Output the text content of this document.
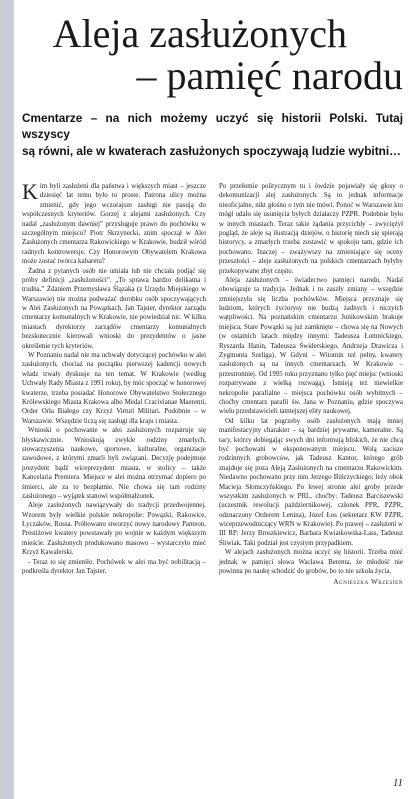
Aleja zasłużonych
– pamięć narodu
Cmentarze – na nich możemy uczyć się historii Polski. Tutaj wszyscy
są równi, ale w kwaterach zasłużonych spoczywają ludzie wybitni…

Kim byli zasłużeni dla państwa i większych miast – jeszcze dziesięć lat temu było to proste. Patrona ulicy można zmienić, gdy jego wczorajsze zasługi nie pasują do współczesnych kryteriów. Gorzej z alejami zasłużonych. Czy nadal „zasłużonym dawniej” przysługuje prawo do pochówku w szczególnym miejscu? Piotr Skrzynecki, znim spoczął w Alei Zasłużonych cmentarza Rakowickiego w Krakowie, budził wśród radnych kontrowersje. Czy Honorowym Obywatelem Krakowa może zostać twórca kabaretu?

Żadna z pytanych osób nie umiała lub nie chciała podjąć się próby definicji „zasłużoności”. „To sprawa bardzo delikatna i trudna.” Żdaniem Przemysława Ślązaka (z Urzędu Miejskiego w Warszawie) nie można podważać dorobku osób spoczywających w Alei Zasłużonych na Powązkach. Jan Tajster, dyrektor zarządu cmentarzy komunalnych w Krakowie, nie powiedział nic. W kilku miastach dyrektorzy zarządów cmentarzy komunalnych bezskutecznie kierowali wnioski do prezydentów o jasne określenie tych kryteriów.

W Poznaniu nadal nie ma uchwały dotyczącej pochówku w alei zasłużonych, chociaż na początku pierwszej kadencji nowych władz trwały dyskusje na ten temat. W Krakowie (według Uchwały Rady Miasta z 1991 roku), by móc spocząć w honorowej kwaterze, trzeba posiadać Honorowe Obywatelstwo Stołecznego Królewskiego Miasta Krakowa albo Medal Cracivianae Maerenti, Order Orła Białego czy Krzyż Virtuti Militari. Podobnie – w Warszawie. Wszędzie liczą się zasługi dla kraju i miasta.

Wnioski o pochowanie w alei zasłużonych rozpatruje się błyskawicznie. Wnioskują zwykle rodziny zmarłych, stowarzyszenia naukowe, sportowe, kulturalne, organizacje zawodowe, z którymi zmarli byli związani. Decyzję podejmuje prezydent bądź wiceprezydent miasta, w stolicy – także Kancelaria Premiera. Miejsce w alei można otrzymać dopiero po śmierci, ale za to bezpłatnie. Nie chowa się tam rodziny zasłużonego – wyjątek stanowi współmałżonek.

Aleje zasłużonych nawiązywały do tradycji przedwojennej. Wzorem były wielkie polskie nekropolie: Powązki, Rakowice, Łyczaków, Rossa. Próbowano stworzyć nowy narodowy Panteon. Prestiżowe kwatery powstawały po wojnie w każdym większym mieście. Zasłużonych produkowano masowo – wystarczyło mieć Krzyż Kawalerski.

- Teraz to się zmieniło. Pochówek w alei ma być nobilitacją – podkreśla dyrektor Jan Tajster.

Po przełomie politycznym tu i ówdzie pojawiały się głosy o dekomunizacji alej zasłużonych. Są to jednak informacje nieoficjalne, nikt głośno o tym nie mówi. Ponoć w Warszawie kto mógł udało się usunięcia byłych działaczy PZPR. Podobnie było w innych miastach. Teraz takie żądania przycichły – zwyciężył pogląd, że aleje są ilustracją dziejów, o historię niech się spierają historycy, a zmarłych trzeba zostawić w spokoju tam, gdzie ich pochowano. Inaczej – zważywszy na zmieniające się oceny przeszłości – aleje zasłużonych na polskich cmentarzach byłyby przekopywane zbyt często.

Aleja zasłużonych – świadectwo pamięci narodu. Nadal obowiązuje ta tradycja. Jednak i tu zaszły zmiany – wszędzie zmniejszyła się liczba pochówków. Miejsca przyznaje się ludziom, których życiorysy nie budzą żadnych i niczyich wątpliwości. Na poznańskim cmentarzu Junikowskim brakuje miejsca, Stare Powązki są już zamknięte – chowa się na Nowych (w ostatnich latach między innymi: Tadeusza Łomnickiego, Ryszarda Hanin, Tadeusza Świderskiego, Andrzeja Drawicza i Zygmunta Szeliga). W Gdyni – Witomin też pełny, kwatery zasłużonych są na innych cmentarzach. W Krakowie – przestronniej. Od 1995 roku przyznano tylko pięć miejsc (wnioski rozpatrywane z wielką rozwagą). Istnieją też niewielkie nekropolie parafialne – miejsca pochówku osób wybitnych – choćby cmentarz parafii św. Jana w Poznaniu, gdzie spoczywa wielu przedstawicieli tamtejszej elity naukowej.

Od kilku lat pogrzeby osób zasłużonych mają mniej manifestacyjny charakter – są bardziej prywatne, kameralne. Są tacy, którzy dobiegając swych dni informują bliskich, że nie chcą być pochowani w eksponowanym miejscu. Wolą zacisze rodzinnych grobowców, jak Tadeusz Kantor, którego grób znajduje się poza Aleją Zasłużonych na cmentarzu Rakowickim. Niedawno pochowano przy nim Jerzego Bińczyckiego; leży obok Macieja Słomczyńskiego. Po lewej stronie alei groby przede wszystkim zasłużonych w PRL, choćby: Tadeusz Barciszewski (uczestnik rewolucji październikowej, członek PPR, PZPR, odznaczony Orderem Lenina), Józef Łos (sekretarz KW PZPR, wiceprzewodniczący WRN w Krakowie). Po prawej – zasłużeni w III RP: Jerzy Broszkiewicz, Barbara Kwiatkowska-Lass, Tadeusz Śliwiak. Taki podział jest czystym przypadkiem.

W alejach zasłużonych można uczyć się historii. Trzeba mieć jednak w pamięci słowa Wacława Berenta, że młodość nie powinna po naukę schodzić do grobów, bo to nie szkoła życia.

Agnieszka Wrzesień
11
